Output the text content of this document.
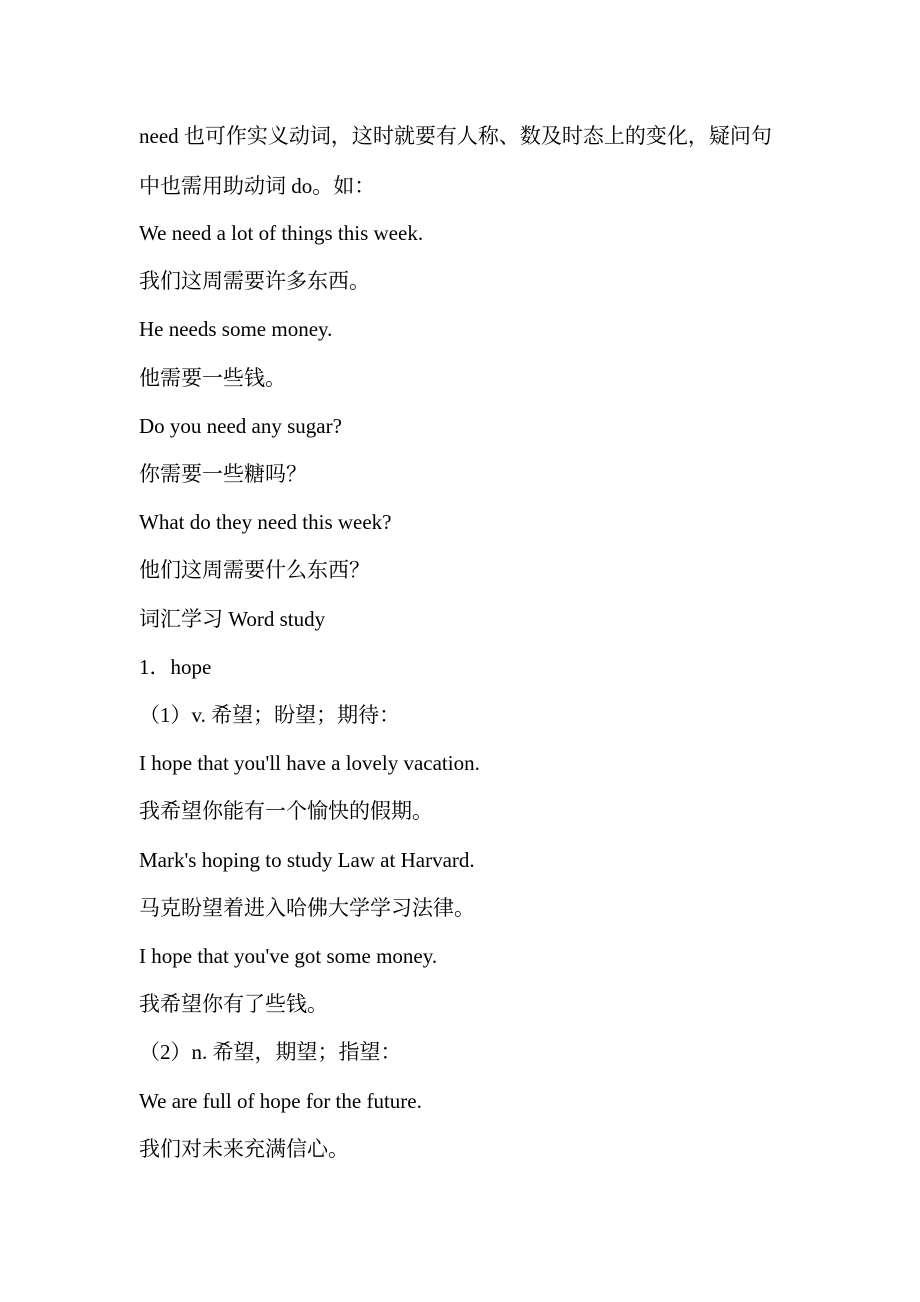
need 也可作实义动词，这时就要有人称、数及时态上的变化，疑问句
中也需用助动词 do。如：
We need a lot of things this week.
我们这周需要许多东西。
He needs some money.
他需要一些钱。
Do you need any sugar?
你需要一些糖吗？
What do they need this week?
他们这周需要什么东西？
词汇学习 Word study
1．hope
（1）v. 希望；盼望；期待：
I hope that you'll have a lovely vacation.
我希望你能有一个愉快的假期。
Mark's hoping to study Law at Harvard.
马克盼望着进入哈佛大学学习法律。
I hope that you've got some money.
我希望你有了些钱。
（2）n. 希望，期望；指望：
We are full of hope for the future.
我们对未来充满信心。
